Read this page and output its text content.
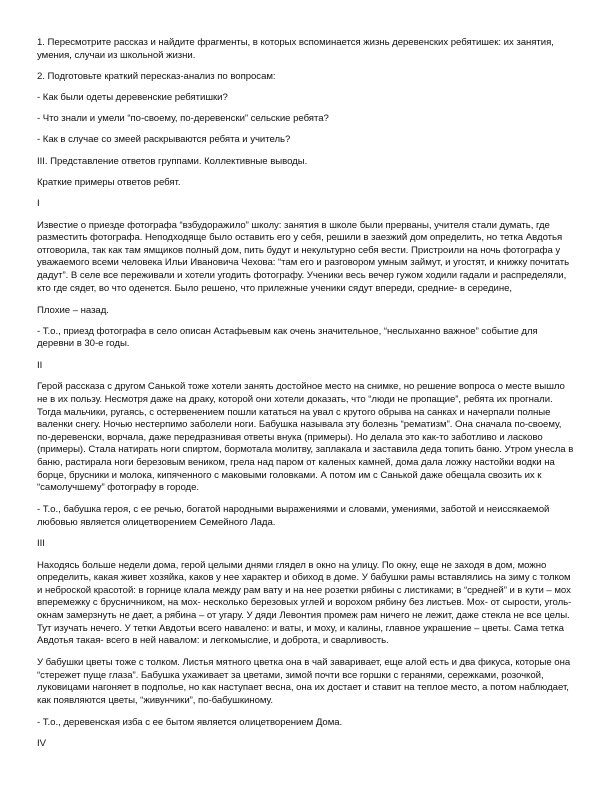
1. Пересмотрите рассказ и найдите фрагменты, в которых вспоминается жизнь деревенских ребятишек: их занятия, умения, случаи из школьной жизни.

2. Подготовьте краткий пересказ-анализ по вопросам:

- Как были одеты деревенские ребятишки?

- Что знали и умели “по-своему, по-деревенски” сельские ребята?

- Как в случае со змеей раскрываются ребята и учитель?

III. Представление ответов группами. Коллективные выводы.

Краткие примеры ответов ребят.

I

Известие о приезде фотографа “взбудоражило” школу: занятия в школе были прерваны, учителя стали думать, где разместить фотографа. Неподходяще было оставить его у себя, решили в заезжий дом определить, но тетка Авдотья отговорила, так как там ямщиков полный дом, пить будут и некультурно себя вести. Пристроили на ночь фотографа у уважаемого всеми человека Ильи Ивановича Чехова: “там его и разговором умным займут, и угостят, и книжку почитать дадут”. В селе все переживали и хотели угодить фотографу. Ученики весь вечер гужом ходили гадали и распределяли, кто где сядет, во что оденется. Было решено, что прилежные ученики сядут впереди, средние- в середине,

Плохие – назад.

- Т.о., приезд фотографа в село описан Астафьевым как очень значительное, “неслыханно важное” событие для деревни в 30-е годы.

II

Герой рассказа с другом Санькой тоже хотели занять достойное место на снимке, но решение вопроса о месте вышло не в их пользу. Несмотря даже на драку, которой они хотели доказать, что “люди не пропащие”, ребята их прогнали. Тогда мальчики, ругаясь, с остервенением пошли кататься на увал с крутого обрыва на санках и начерпали полные валенки снегу. Ночью нестерпимо заболели ноги. Бабушка называла эту болезнь “рематизм”. Она сначала по-своему, по-деревенски, ворчала, даже передразнивая ответы внука (примеры). Но делала это как-то заботливо и ласково (примеры). Стала натирать ноги спиртом, бормотала молитву, заплакала и заставила деда топить баню. Утром унесла в баню, растирала ноги березовым веником, грела над паром от каленых камней, дома дала ложку настойки водки на борце, брусники и молока, кипяченного с маковыми головками. А потом им с Санькой даже обещала свозить их к “самолучшему” фотографу в городе.

- Т.о., бабушка героя, с ее речью, богатой народными выражениями и словами, умениями, заботой и неиссякаемой любовью является олицетворением Семейного Лада.

III

Находясь больше недели дома, герой целыми днями глядел в окно на улицу. По окну, еще не заходя в дом, можно определить, какая живет хозяйка, каков у нее характер и обиход в доме. У бабушки рамы вставлялись на зиму с толком и неброской красотой: в горнице клала между рам вату и на нее розетки рябины с листиками; в “средней” и в кути – мох вперемежку с брусничником, на мох- несколько березовых углей и ворохом рябину без листьев. Мох- от сырости, уголь- окнам замерзнуть не дает, а рябина – от угару. У дяди Левонтия промеж рам ничего не лежит, даже стекла не все целы. Тут изучать нечего. У тетки Авдотьи всего навалено: и ваты, и моху, и калины, главное украшение – цветы. Сама тетка Авдотья такая- всего в ней навалом: и легкомыслие, и доброта, и сварливость.

У бабушки цветы тоже с толком. Листья мятного цветка она в чай заваривает, еще алой есть и два фикуса, которые она “стережет пуще глаза”. Бабушка ухаживает за цветами, зимой почти все горшки с геранями, сережками, розочкой, луковицами нагоняет в подполье, но как наступает весна, она их достает и ставит на теплое место, а потом наблюдает, как появляются цветы, “живунчики”, по-бабушкиному.

- Т.о., деревенская изба с ее бытом является олицетворением Дома.

IV
